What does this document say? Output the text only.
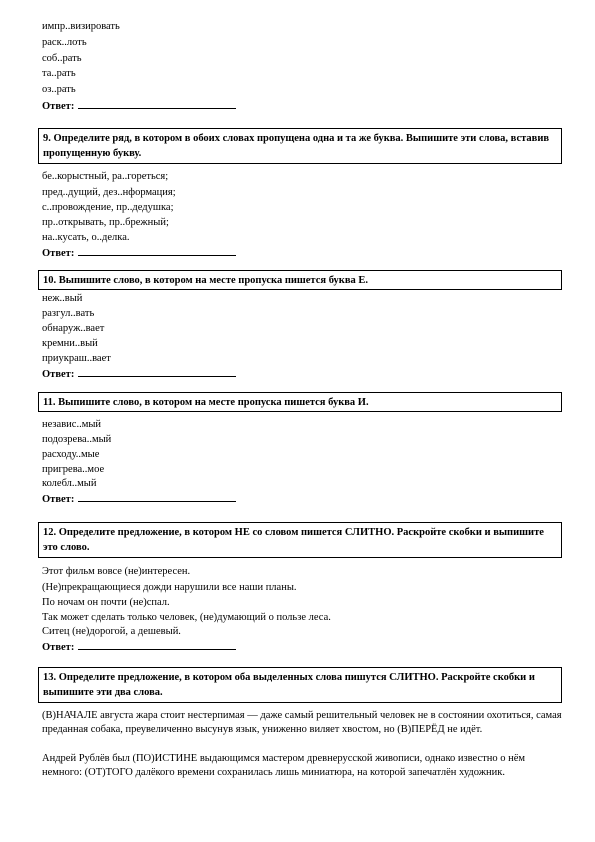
импр..визировать
раск..лоть
соб..рать
та..рать
оз..рать
Ответ:
9. Определите ряд, в котором в обоих словах пропущена одна и та же буква. Выпишите эти слова, вставив пропущенную букву.
бе..корыстный, ра..гореться;
пред..дущий, дез..нформация;
с..провождение, пр..дедушка;
пр..открывать, пр..брежный;
на..кусать, о..делка.
Ответ:
10. Выпишите слово, в котором на месте пропуска пишется буква Е.
неж..вый
разгул..вать
обнаруж..вает
кремни..вый
приукраш..вает
Ответ:
11. Выпишите слово, в котором на месте пропуска пишется буква И.
независ..мый
подозрева..мый
расходу..мые
пригрева..мое
колебл..мый
Ответ:
12. Определите предложение, в котором НЕ со словом пишется СЛИТНО. Раскройте скобки и выпишите это слово.
Этот фильм вовсе (не)интересен.
(Не)прекращающиеся дожди нарушили все наши планы.
По ночам он почти (не)спал.
Так может сделать только человек, (не)думающий о пользе леса.
Ситец (не)дорогой, а дешевый.
Ответ:
13. Определите предложение, в котором оба выделенных слова пишутся СЛИТНО. Раскройте скобки и выпишите эти два слова.
(В)НАЧАЛЕ августа жара стоит нестерпимая — даже самый решительный человек не в состоянии охотиться, самая преданная собака, преувеличенно высунув язык, униженно виляет хвостом, но (В)ПЕРЁД не идёт.
Андрей Рублёв был (ПО)ИСТИНЕ выдающимся мастером древнерусской живописи, однако известно о нём немного: (ОТ)ТОГО далёкого времени сохранилась лишь миниатюра, на которой запечатлён художник.
